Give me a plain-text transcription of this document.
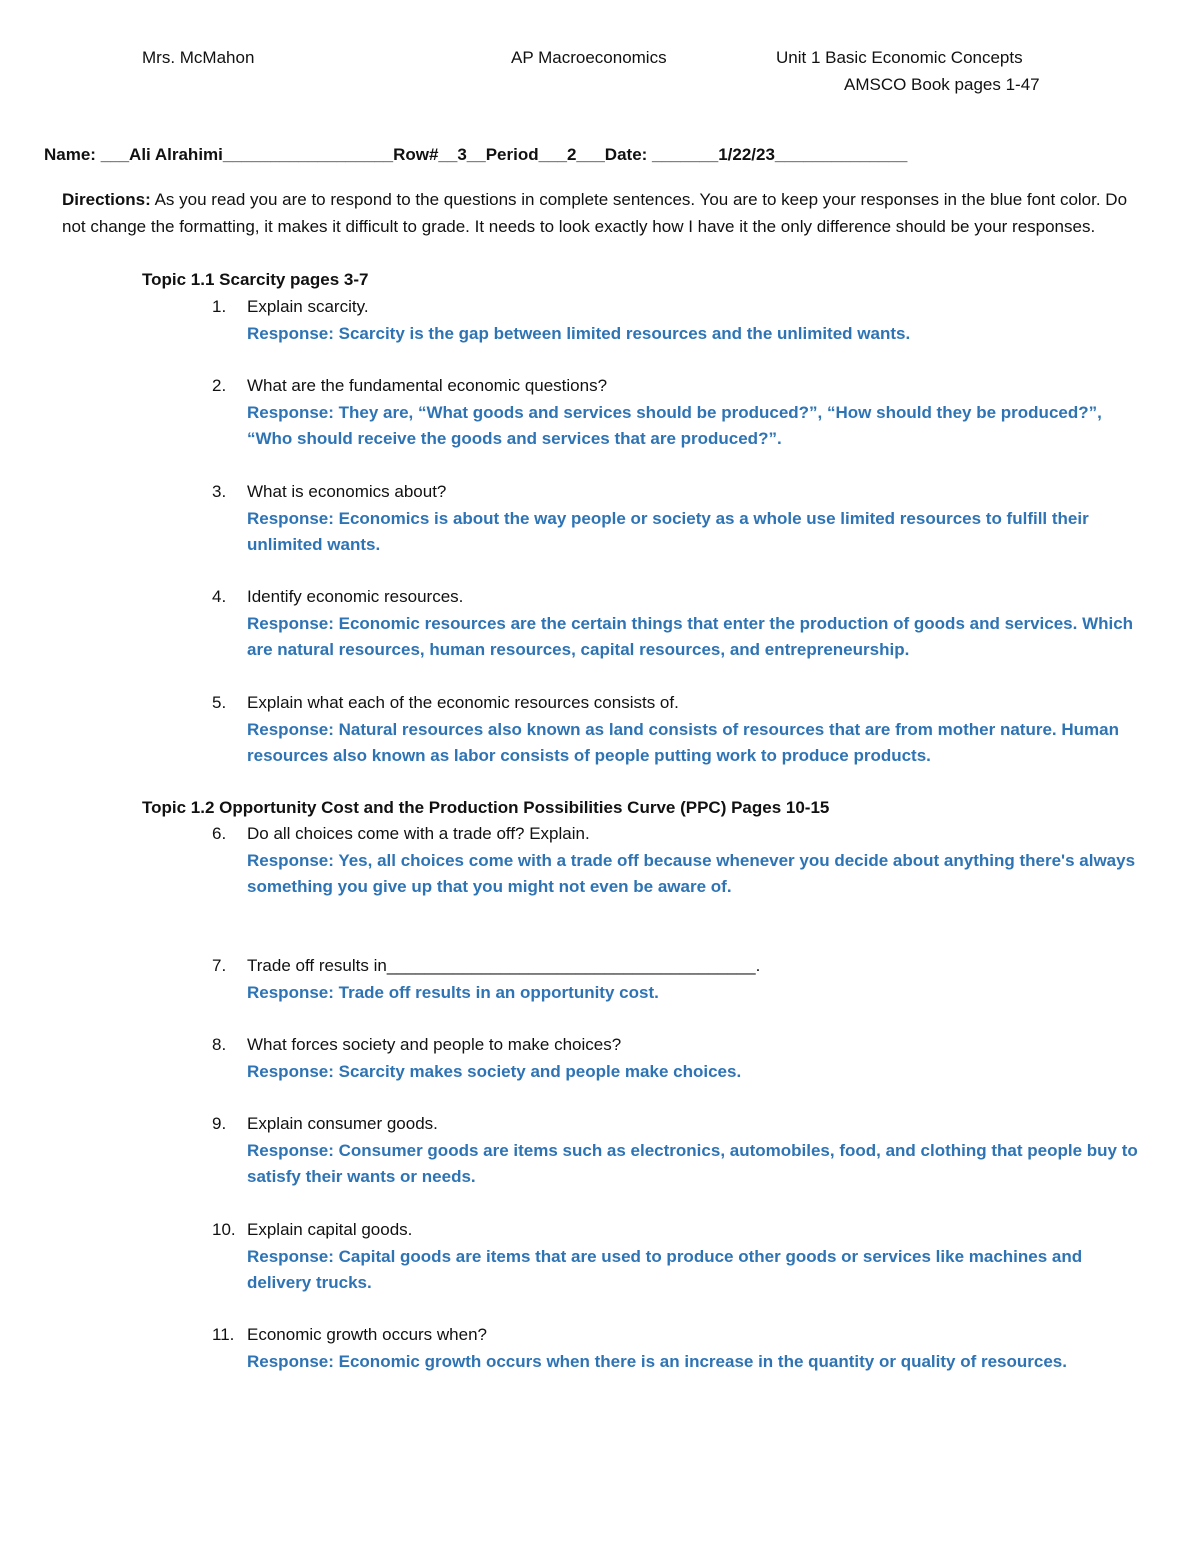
Mrs. McMahon	AP Macroeconomics	Unit 1 Basic Economic Concepts
AMSCO Book pages 1-47
Name: ___Ali Alrahimi__________________Row#__3__Period___2___Date: _______1/22/23______________
Directions: As you read you are to respond to the questions in complete sentences. You are to keep your responses in the blue font color. Do not change the formatting, it makes it difficult to grade. It needs to look exactly how I have it the only difference should be your responses.
Topic 1.1 Scarcity pages 3-7
1. Explain scarcity.
Response: Scarcity is the gap between limited resources and the unlimited wants.
2. What are the fundamental economic questions?
Response: They are, “What goods and services should be produced?”, “How should they be produced?”, “Who should receive the goods and services that are produced?”.
3. What is economics about?
Response: Economics is about the way people or society as a whole use limited resources to fulfill their unlimited wants.
4. Identify economic resources.
Response: Economic resources are the certain things that enter the production of goods and services. Which are natural resources, human resources, capital resources, and entrepreneurship.
5. Explain what each of the economic resources consists of.
Response: Natural resources also known as land consists of resources that are from mother nature. Human resources also known as labor consists of people putting work to produce products.
Topic 1.2 Opportunity Cost and the Production Possibilities Curve (PPC) Pages 10-15
6. Do all choices come with a trade off? Explain.
Response: Yes, all choices come with a trade off because whenever you decide about anything there's always something you give up that you might not even be aware of.
7. Trade off results in_______________________________________.
Response: Trade off results in an opportunity cost.
8. What forces society and people to make choices?
Response: Scarcity makes society and people make choices.
9. Explain consumer goods.
Response: Consumer goods are items such as electronics, automobiles, food, and clothing that people buy to satisfy their wants or needs.
10. Explain capital goods.
Response: Capital goods are items that are used to produce other goods or services like machines and delivery trucks.
11. Economic growth occurs when?
Response: Economic growth occurs when there is an increase in the quantity or quality of resources.
